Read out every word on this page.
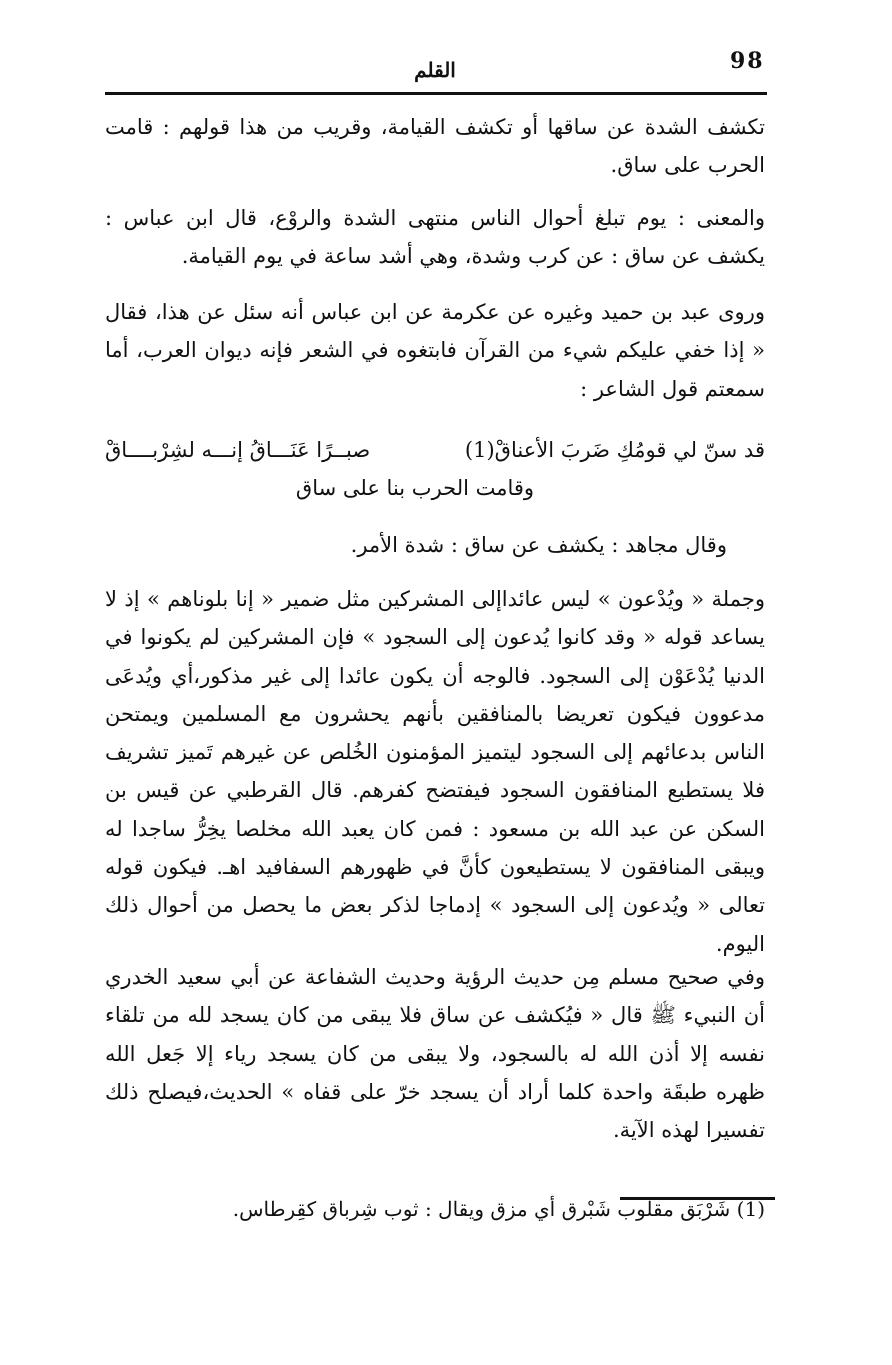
98
القلم

تكشف الشدة عن ساقها أو تكشف القيامة، وقريب من هذا قولهم : قامت الحرب على ساق.

والمعنى : يوم تبلغ أحوال الناس منتهى الشدة والروْع، قال ابن عباس : يكشف عن ساق : عن كرب وشدة، وهي أشد ساعة في يوم القيامة.

وروى عبد بن حميد وغيره عن عكرمة عن ابن عباس أنه سئل عن هذا، فقال « إذا خفي عليكم شيء من القرآن فابتغوه في الشعر فإنه ديوان العرب، أما سمعتم قول الشاعر :

قد سنّ لي قومُكِ ضَربَ الأعناقْ(1)
صبــرًا عَنَـــاقُ إنـــه لشِرْبــــاقْ
وقامت الحرب بنا على ساق

وقال مجاهد : يكشف عن ساق : شدة الأمر.

وجملة « ويُدْعون » ليس عائداإلى المشركين مثل ضمير « إنا بلوناهم » إذ لا يساعد قوله « وقد كانوا يُدعون إلى السجود » فإن المشركين لم يكونوا في الدنيا يُدْعَوْن إلى السجود. فالوجه أن يكون عائدا إلى غير مذكور،أي ويُدعَى مدعوون فيكون تعريضا بالمنافقين بأنهم يحشرون مع المسلمين ويمتحن الناس بدعائهم إلى السجود ليتميز المؤمنون الخُلص عن غيرهم تَميز تشريف فلا يستطيع المنافقون السجود فيفتضح كفرهم. قال القرطبي عن قيس بن السكن عن عبد الله بن مسعود : فمن كان يعبد الله مخلصا يخِرُّ ساجدا له ويبقى المنافقون لا يستطيعون كأنَّ في ظهورهم السفافيد اهـ. فيكون قوله تعالى « ويُدعون إلى السجود » إدماجا لذكر بعض ما يحصل من أحوال ذلك اليوم.

وفي صحيح مسلم مِن حديث الرؤية وحديث الشفاعة عن أبي سعيد الخدري أن النبيء ﷺ قال « فيُكشف عن ساق فلا يبقى من كان يسجد لله من تلقاء نفسه إلا أذن الله له بالسجود، ولا يبقى من كان يسجد رياء إلا جَعل الله ظهره طبقَة واحدة كلما أراد أن يسجد خرّ على قفاه » الحديث،فيصلح ذلك تفسيرا لهذه الآية.

(1) شَرْبَق مقلوب شَبْرق أي مزق ويقال : ثوب شِرباق كقِرطاس.
